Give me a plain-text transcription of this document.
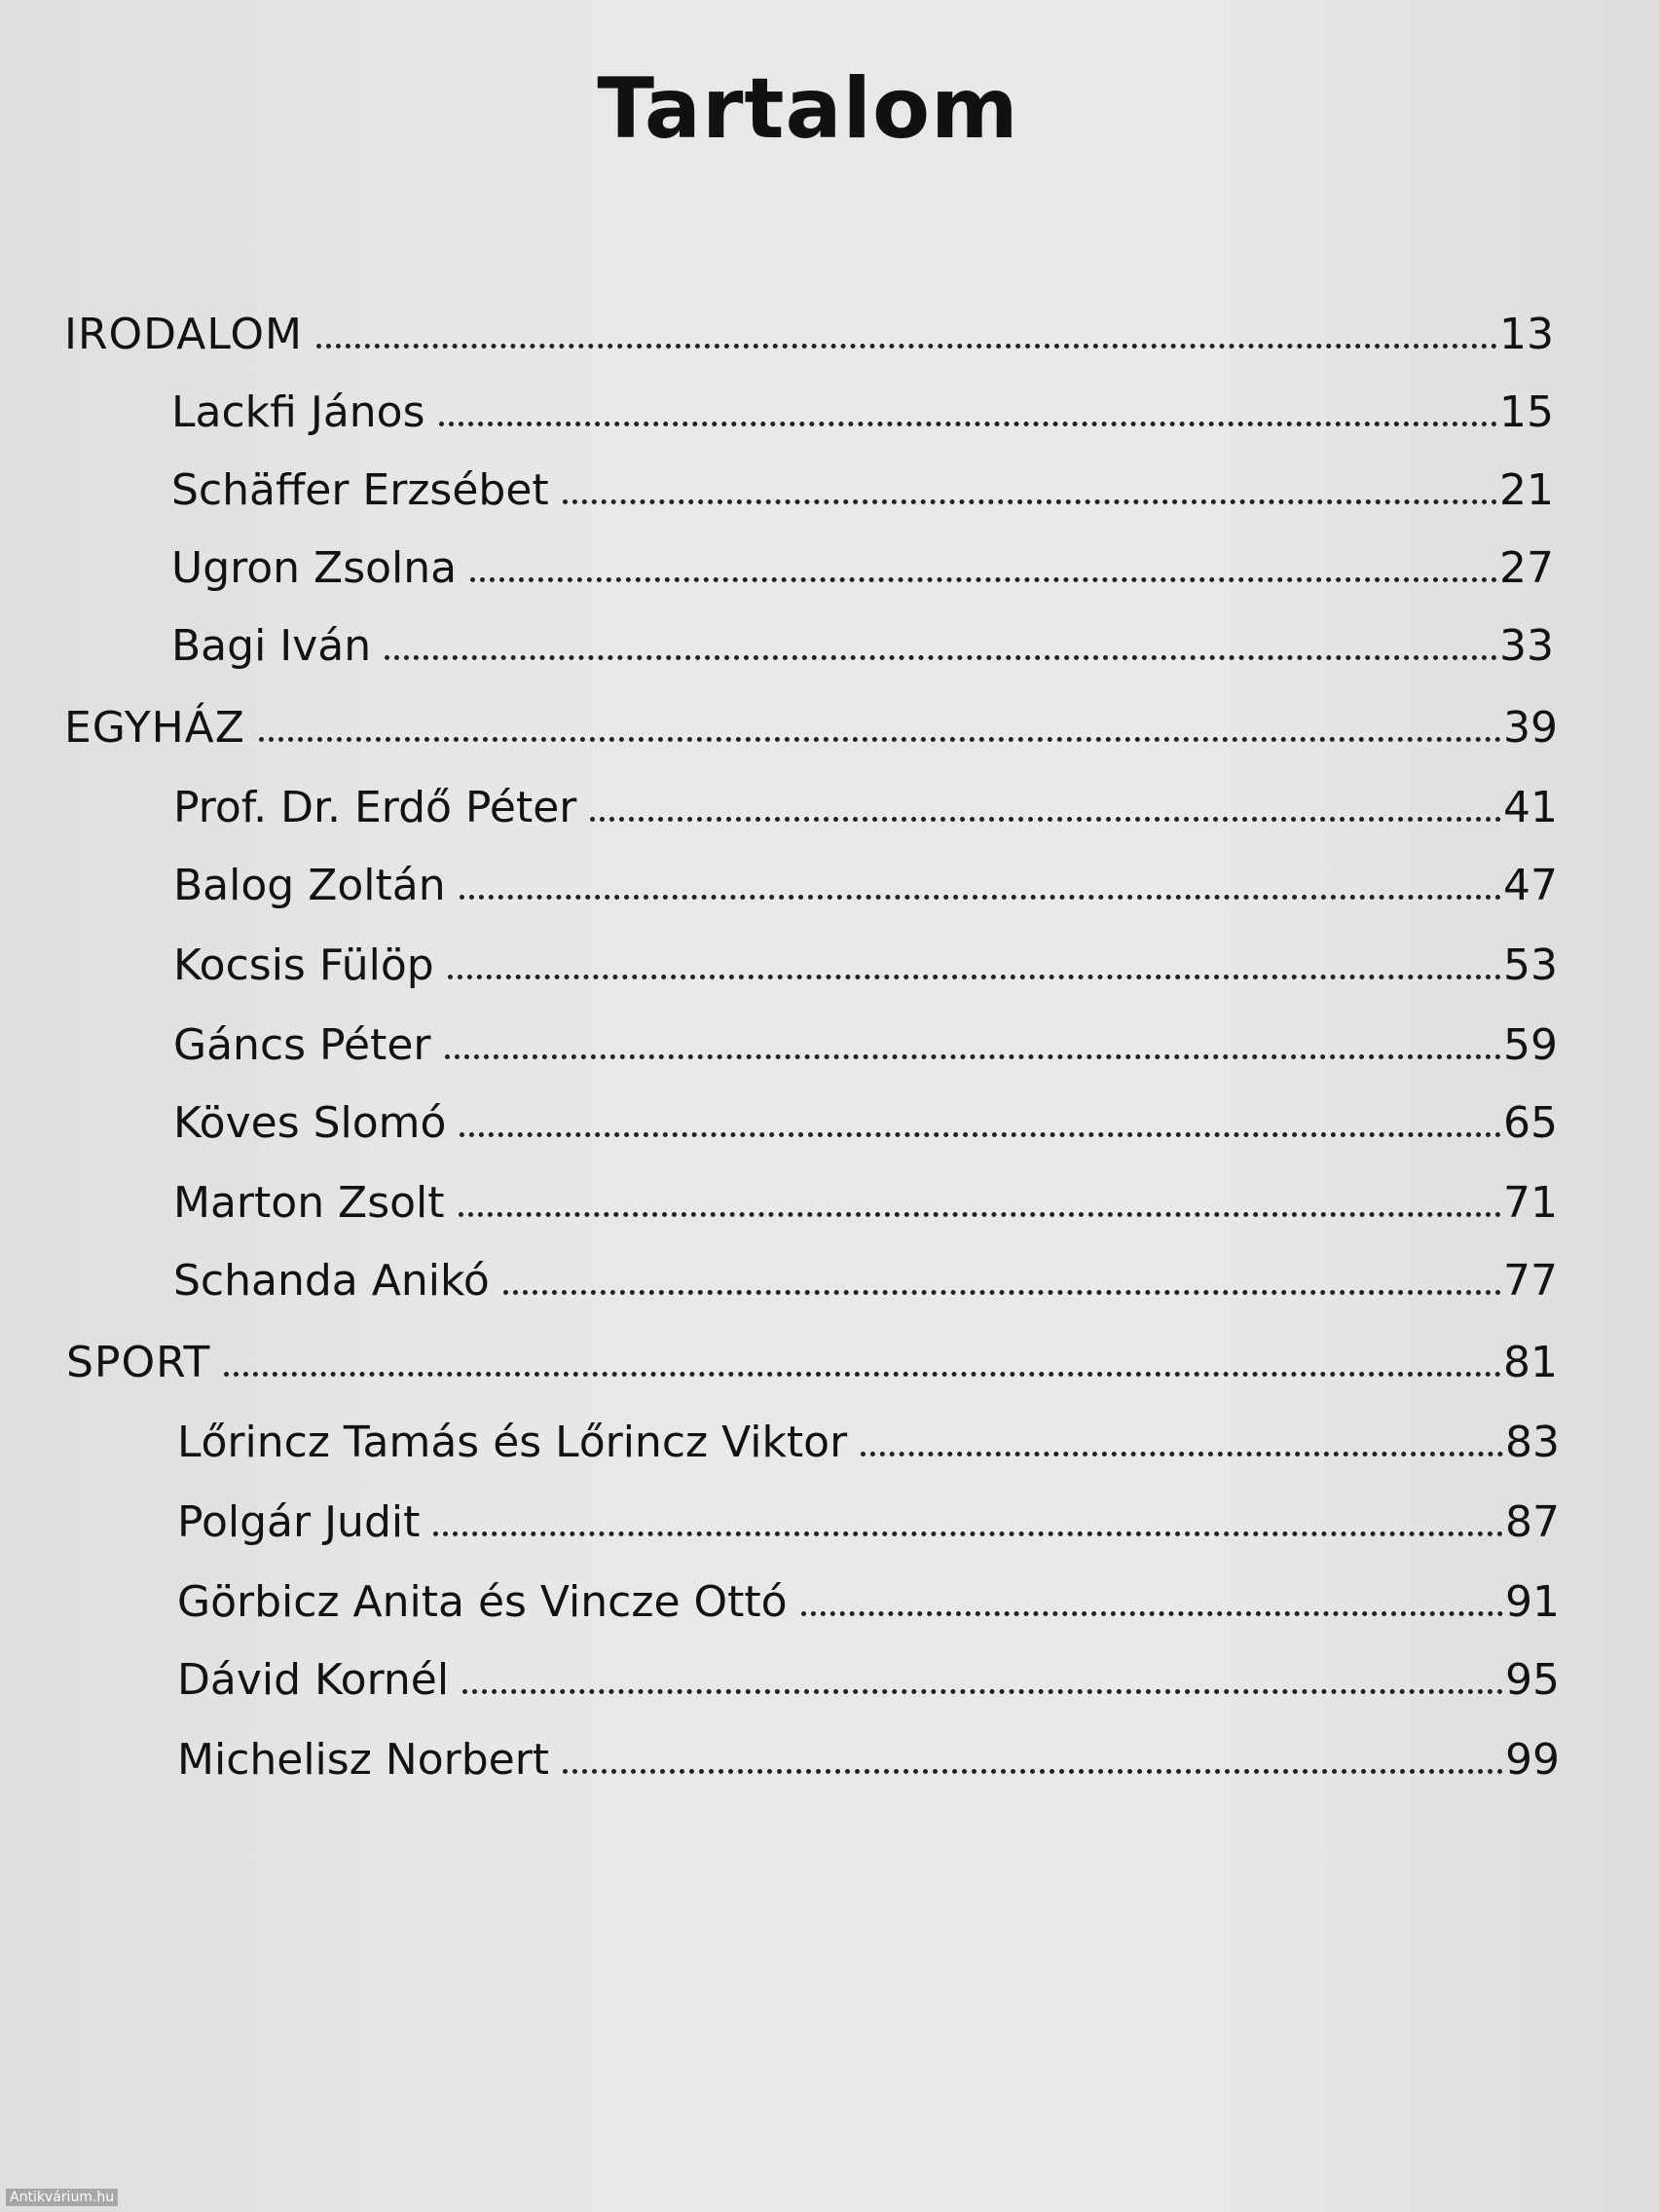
Tartalom
IRODALOM	13
Lackfi János	15
Schäffer Erzsébet	21
Ugron Zsolna	27
Bagi Iván	33
EGYHÁZ	39
Prof. Dr. Erdő Péter	41
Balog Zoltán	47
Kocsis Fülöp	53
Gáncs Péter	59
Köves Slomó	65
Marton Zsolt	71
Schanda Anikó	77
SPORT	81
Lőrincz Tamás és Lőrincz Viktor	83
Polgár Judit	87
Görbicz Anita és Vincze Ottó	91
Dávid Kornél	95
Michelisz Norbert	99
Antikvárium.hu
